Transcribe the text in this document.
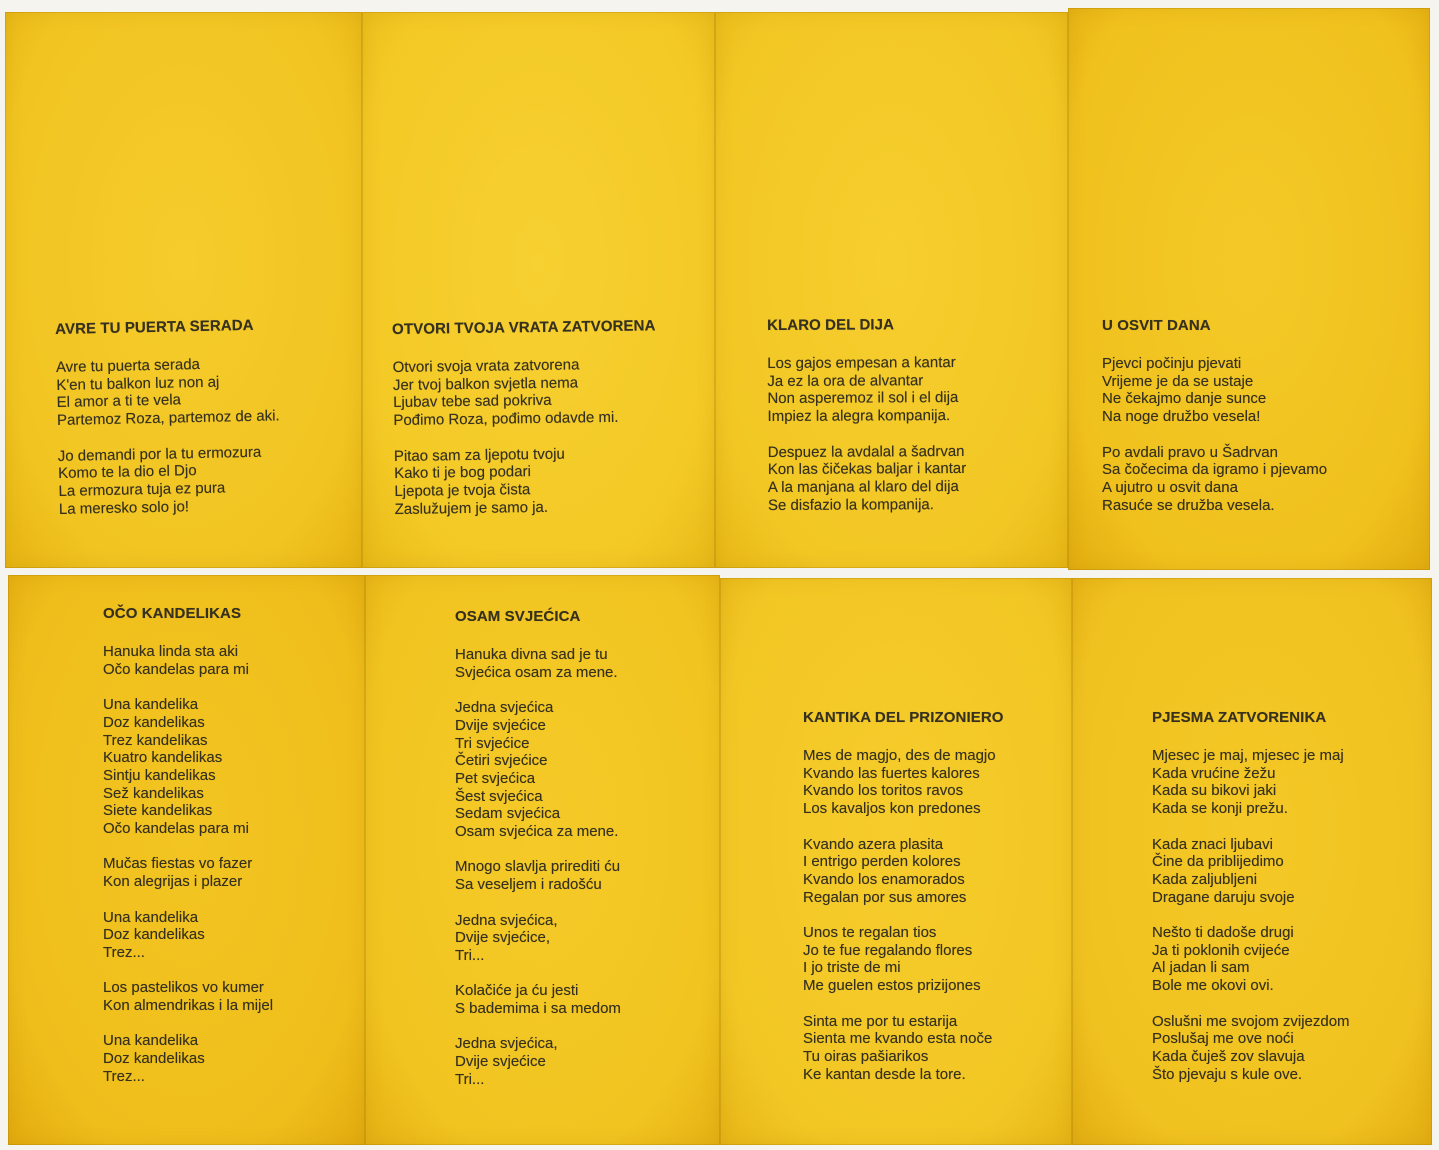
AVRE TU PUERTA SERADA
Avre tu puerta serada
K'en tu balkon luz non aj
El amor a ti te vela
Partemoz Roza, partemoz de aki.
Jo demandi por la tu ermozura
Komo te la dio el Djo
La ermozura tuja ez pura
La meresko solo jo!
OTVORI TVOJA VRATA ZATVORENA
Otvori svoja vrata zatvorena
Jer tvoj balkon svjetla nema
Ljubav tebe sad pokriva
Pođimo Roza, pođimo odavde mi.
Pitao sam za ljepotu tvoju
Kako ti je bog podari
Ljepota je tvoja čista
Zaslužujem je samo ja.
KLARO DEL DIJA
Los gajos empesan a kantar
Ja ez la ora de alvantar
Non asperemoz il sol i el dija
Impiez la alegra kompanija.
Despuez la avdalal a šadrvan
Kon las čičekas baljar i kantar
A la manjana al klaro del dija
Se disfazio la kompanija.
U OSVIT DANA
Pjevci počinju pjevati
Vrijeme je da se ustaje
Ne čekajmo danje sunce
Na noge družbo vesela!
Po avdali pravo u Šadrvan
Sa čočecima da igramo i pjevamo
A ujutro u osvit dana
Rasuće se družba vesela.
OČO KANDELIKAS
Hanuka linda sta aki
Očo kandelas para mi
Una kandelika
Doz kandelikas
Trez kandelikas
Kuatro kandelikas
Sintju kandelikas
Sež kandelikas
Siete kandelikas
Očo kandelas para mi
Mučas fiestas vo fazer
Kon alegrijas i plazer
Una kandelika
Doz kandelikas
Trez...
Los pastelikos vo kumer
Kon almendrikas i la mijel
Una kandelika
Doz kandelikas
Trez...
OSAM SVJEĆICA
Hanuka divna sad je tu
Svjećica osam za mene.
Jedna svjećica
Dvije svjećice
Tri svjećice
Četiri svjećice
Pet svjećica
Šest svjećica
Sedam svjećica
Osam svjećica za mene.
Mnogo slavlja prirediti ću
Sa veseljem i radošću
Jedna svjećica,
Dvije svjećice,
Tri...
Kolačiće ja ću jesti
S bademima i sa medom
Jedna svjećica,
Dvije svjećice
Tri...
KANTIKA DEL PRIZONIERO
Mes de magjo, des de magjo
Kvando las fuertes kalores
Kvando los toritos ravos
Los kavaljos kon predones
Kvando azera plasita
I entrigo perden kolores
Kvando los enamorados
Regalan por sus amores
Unos te regalan tios
Jo te fue regalando flores
I jo triste de mi
Me guelen estos prizijones
Sinta me por tu estarija
Sienta me kvando esta noče
Tu oiras pašiarikos
Ke kantan desde la tore.
PJESMA ZATVORENIKA
Mjesec je maj, mjesec je maj
Kada vrućine žežu
Kada su bikovi jaki
Kada se konji prežu.
Kada znaci ljubavi
Čine da priblijedimo
Kada zaljubljeni
Dragane daruju svoje
Nešto ti dadoše drugi
Ja ti poklonih cvijeće
Al jadan li sam
Bole me okovi ovi.
Oslušni me svojom zvijezdom
Poslušaj me ove noći
Kada čuješ zov slavuja
Što pjevaju s kule ove.
